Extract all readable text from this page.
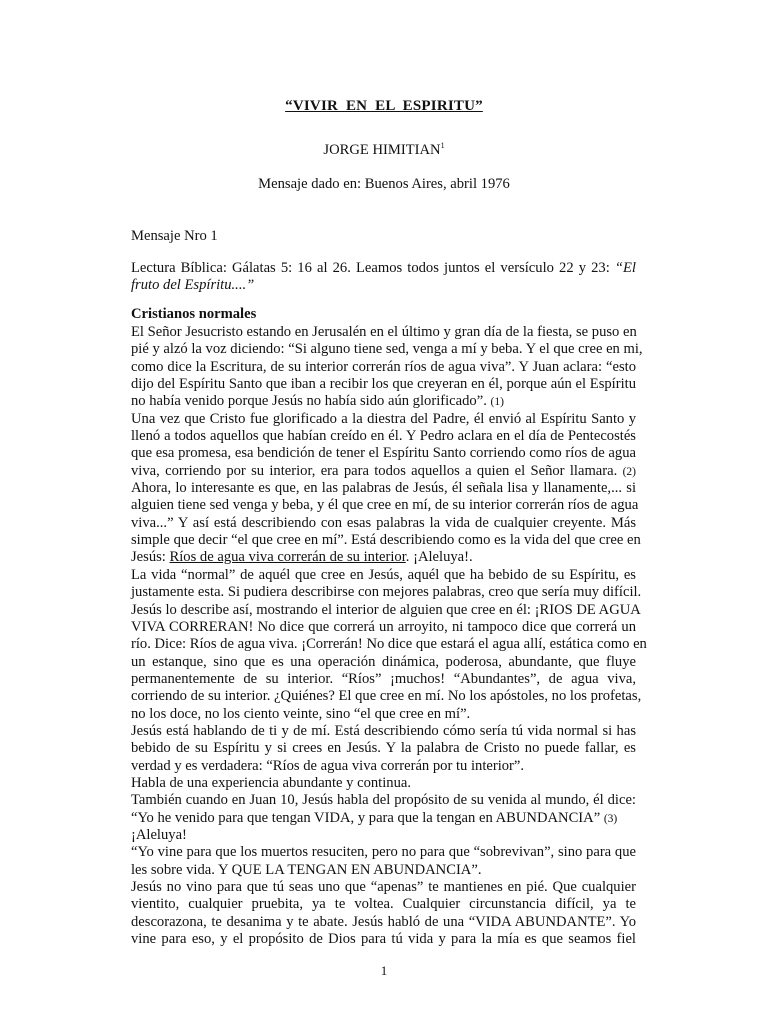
“VIVIR EN EL ESPIRITU”
JORGE HIMITIAN$^1$
Mensaje dado en: Buenos Aires, abril 1976
Mensaje Nro 1
Lectura Bíblica: Gálatas 5: 16 al 26. Leamos todos juntos el versículo 22 y 23: “El fruto del Espíritu....”
Cristianos normales
El Señor Jesucristo estando en Jerusalén en el último y gran día de la fiesta, se puso en
pié y alzó la voz diciendo: “Si alguno tiene sed, venga a mí y beba. Y el que cree en mi,
como dice la Escritura, de su interior correrán ríos de agua viva”. Y Juan aclara: “esto
dijo del Espíritu Santo que iban a recibir los que creyeran en él, porque aún el Espíritu
no había venido porque Jesús no había sido aún glorificado”. (1)
Una vez que Cristo fue glorificado a la diestra del Padre, él envió al Espíritu Santo y
llenó a todos aquellos que habían creído en él. Y Pedro aclara en el día de Pentecostés
que esa promesa, esa bendición de tener el Espíritu Santo corriendo como ríos de agua
viva, corriendo por su interior, era para todos aquellos a quien el Señor llamara. (2)
Ahora, lo interesante es que, en las palabras de Jesús, él señala lisa y llanamente,... si
alguien tiene sed venga y beba, y él que cree en mí, de su interior correrán ríos de agua
viva...” Y así está describiendo con esas palabras la vida de cualquier creyente. Más
simple que decir “el que cree en mí”. Está describiendo como es la vida del que cree en
Jesús: Ríos de agua viva correrán de su interior. ¡Aleluya!.
La vida “normal” de aquél que cree en Jesús, aquél que ha bebido de su Espíritu, es
justamente esta. Si pudiera describirse con mejores palabras, creo que sería muy difícil.
Jesús lo describe así, mostrando el interior de alguien que cree en él: ¡RIOS DE AGUA
VIVA CORRERAN! No dice que correrá un arroyito, ni tampoco dice que correrá un
río. Dice: Ríos de agua viva. ¡Correrán! No dice que estará el agua allí, estática como en
un estanque, sino que es una operación dinámica, poderosa, abundante, que fluye
permanentemente de su interior. “Ríos” ¡muchos! “Abundantes”, de agua viva,
corriendo de su interior. ¿Quiénes? El que cree en mí. No los apóstoles, no los profetas,
no los doce, no los ciento veinte, sino “el que cree en mí”.
Jesús está hablando de ti y de mí. Está describiendo cómo sería tú vida normal si has
bebido de su Espíritu y si crees en Jesús. Y la palabra de Cristo no puede fallar, es
verdad y es verdadera: “Ríos de agua viva correrán por tu interior”.
Habla de una experiencia abundante y continua.
También cuando en Juan 10, Jesús habla del propósito de su venida al mundo, él dice:
“Yo he venido para que tengan VIDA, y para que la tengan en ABUNDANCIA” (3)
¡Aleluya!
“Yo vine para que los muertos resuciten, pero no para que “sobrevivan”, sino para que
les sobre vida. Y QUE LA TENGAN EN ABUNDANCIA”.
Jesús no vino para que tú seas uno que “apenas” te mantienes en pié. Que cualquier
vientito, cualquier pruebita, ya te voltea. Cualquier circunstancia difícil, ya te
descorazona, te desanima y te abate. Jesús habló de una “VIDA ABUNDANTE”. Yo
vine para eso, y el propósito de Dios para tú vida y para la mía es que seamos fiel
1
